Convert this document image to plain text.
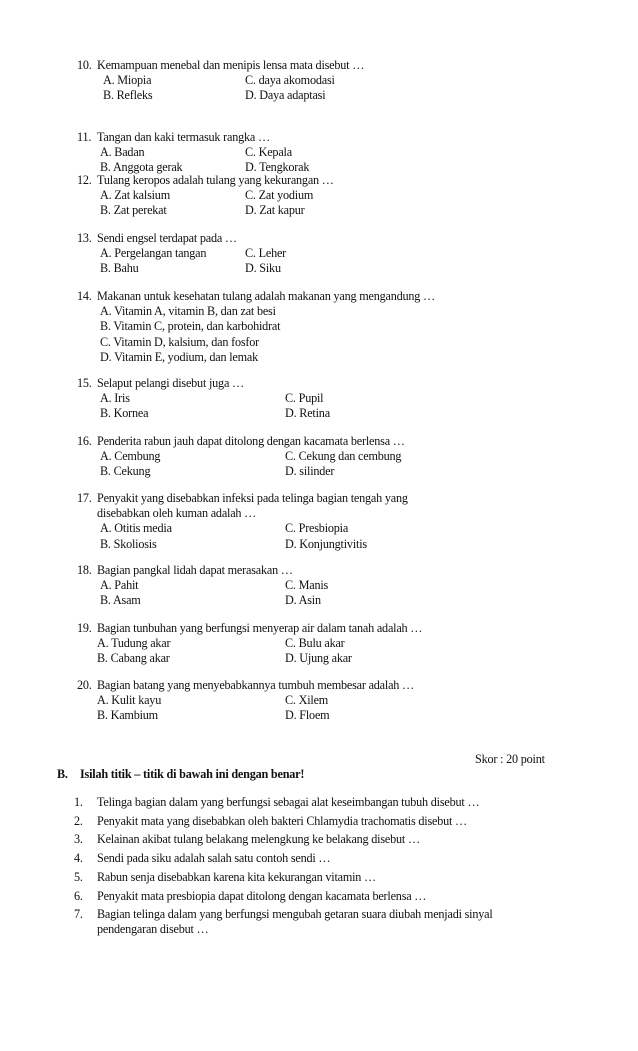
10. Kemampuan menebal dan menipis lensa mata disebut …
A. Miopia	C. daya akomodasi
B. Refleks	D. Daya adaptasi
11. Tangan dan kaki termasuk rangka …
A. Badan	C. Kepala
B. Anggota gerak	D. Tengkorak
12. Tulang keropos adalah tulang yang kekurangan …
A. Zat kalsium	C. Zat yodium
B. Zat perekat	D. Zat kapur
13. Sendi engsel terdapat pada …
A. Pergelangan tangan	C. Leher
B. Bahu	D. Siku
14. Makanan untuk kesehatan tulang adalah makanan yang mengandung …
A. Vitamin A, vitamin B, dan zat besi
B. Vitamin C, protein, dan karbohidrat
C. Vitamin D, kalsium, dan fosfor
D. Vitamin E, yodium, dan lemak
15. Selaput pelangi disebut juga …
A. Iris	C. Pupil
B. Kornea	D. Retina
16. Penderita rabun jauh dapat ditolong dengan kacamata berlensa …
A. Cembung	C. Cekung dan cembung
B. Cekung	D. silinder
17. Penyakit yang disebabkan infeksi pada telinga bagian tengah yang
disebabkan oleh kuman adalah …
A. Otitis media	C. Presbiopia
B. Skoliosis	D. Konjungtivitis
18. Bagian pangkal lidah dapat merasakan …
A. Pahit	C. Manis
B. Asam	D. Asin
19. Bagian tunbuhan yang berfungsi menyerap air dalam tanah adalah …
A. Tudung akar	C. Bulu akar
B. Cabang akar	D. Ujung akar
20. Bagian batang yang menyebabkannya tumbuh membesar adalah …
A. Kulit kayu	C. Xilem
B. Kambium	D. Floem
Skor : 20 point
B. Isilah titik – titik di bawah ini dengan benar!
1. Telinga bagian dalam yang berfungsi sebagai alat keseimbangan tubuh disebut …
2. Penyakit mata yang disebabkan oleh bakteri Chlamydia trachomatis disebut …
3. Kelainan akibat tulang belakang melengkung ke belakang disebut …
4. Sendi pada siku adalah salah satu contoh sendi …
5. Rabun senja disebabkan karena kita kekurangan vitamin …
6. Penyakit mata presbiopia dapat ditolong dengan kacamata berlensa …
7. Bagian telinga dalam yang berfungsi mengubah getaran suara diubah menjadi sinyal
pendengaran disebut …
